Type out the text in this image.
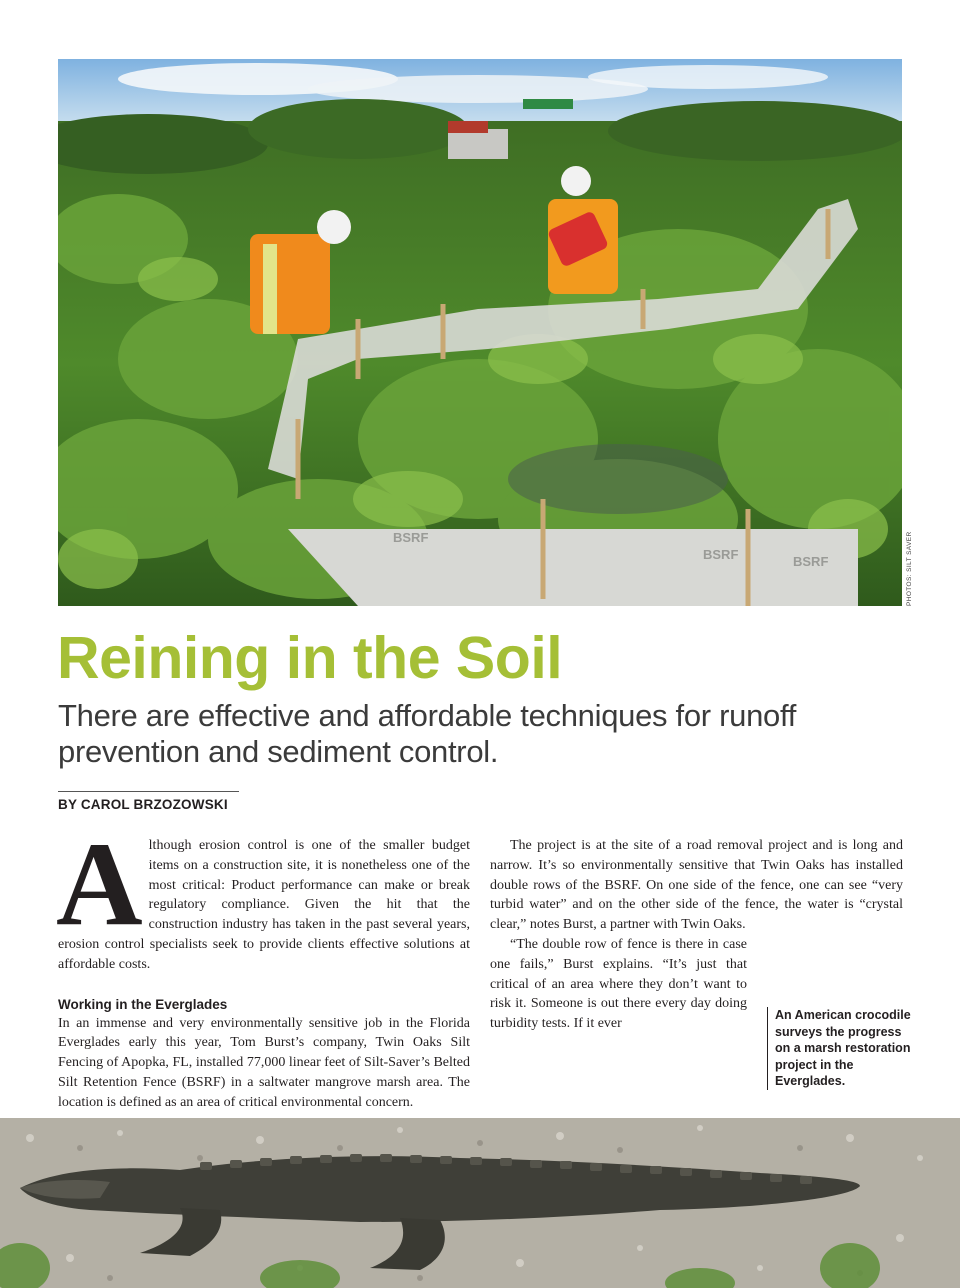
BSRF
BSRF	BSRF	PHOTOS: SILT SAVER
Reining in the Soil
There are effective and affordable techniques for runoff prevention and sediment control.
BY CAROL BRZOZOWSKI

Although erosion control is one of the smaller budget items on a construction site, it is nonetheless one of the most critical: Product performance can make or break regulatory compliance. Given the hit that the construction industry has taken in the past several years, erosion control specialists seek to provide clients effective solutions at affordable costs.

Working in the Everglades

In an immense and very environmentally sensitive job in the Florida Everglades early this year, Tom Burst’s company, Twin Oaks Silt Fencing of Apopka, FL, installed 77,000 linear feet of Silt-Saver’s Belted Silt Retention Fence (BSRF) in a saltwater mangrove marsh area. The location is defined as an area of critical environmental concern.

The project is at the site of a road removal project and is long and narrow. It’s so environmentally sensitive that Twin Oaks has installed double rows of the BSRF. On one side of the fence, one can see “very turbid water” and on the other side of the fence, the water is “crystal clear,” notes Burst, a partner with Twin Oaks.

“The double row of fence is there in case one fails,” Burst explains. “It’s just that critical of an area where they don’t want to risk it. Someone is out there every day doing turbidity tests. If it ever

An American crocodile surveys the progress on a marsh restoration project in the Everglades.
